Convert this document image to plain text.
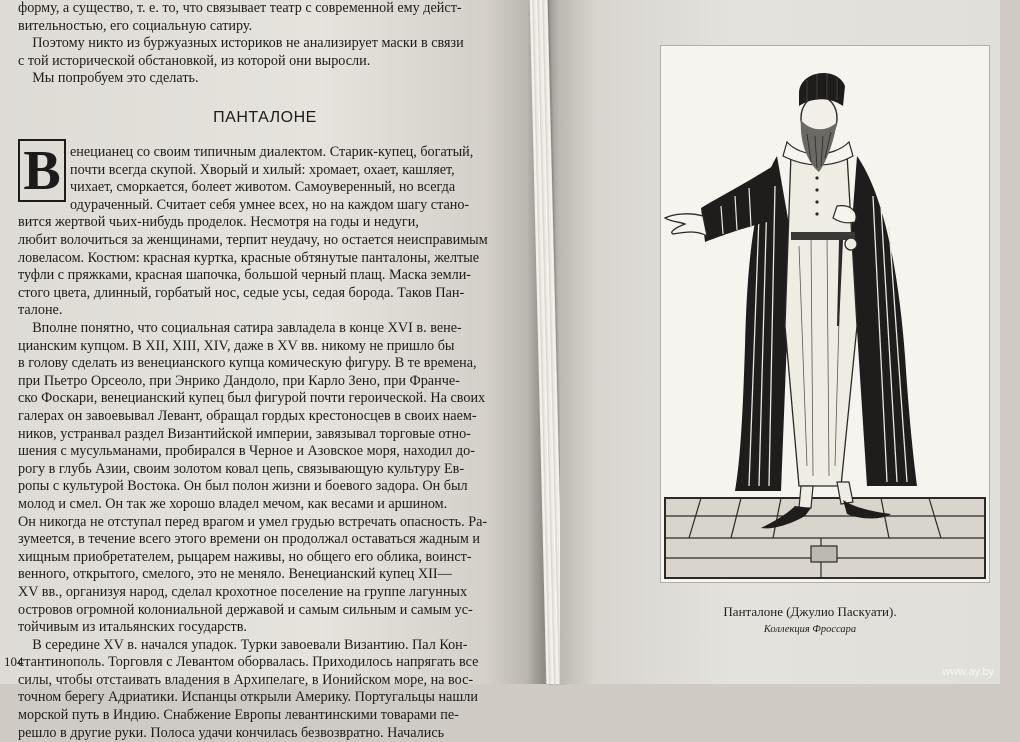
форму, а существо, т. е. то, что связывает театр с современной ему дейст-
вительностью, его социальную сатиру.
Поэтому никто из буржуазных историков не анализирует маски в связи
с той исторической обстановкой, из которой они выросли.
Мы попробуем это сделать.
ПАНТАЛОНЕ
В енецианец со своим типичным диалектом. Старик-купец, богатый,
почти всегда скупой. Хворый и хилый: хромает, охает, кашляет,
чихает, сморкается, болеет животом. Самоуверенный, но всегда
одураченный. Считает себя умнее всех, но на каждом шагу стано-
вится жертвой чьих-нибудь проделок. Несмотря на годы и недуги,
любит волочиться за женщинами, терпит неудачу, но остается неисправимым
ловеласом. Костюм: красная куртка, красные обтянутые панталоны, желтые
туфли с пряжками, красная шапочка, большой черный плащ. Маска земли-
стого цвета, длинный, горбатый нос, седые усы, седая борода. Таков Пан-
талоне.
Вполне понятно, что социальная сатира завладела в конце XVI в. вене-
цианским купцом. В XII, XIII, XIV, даже в XV вв. никому не пришло бы
в голову сделать из венецианского купца комическую фигуру. В те времена,
при Пьетро Орсеоло, при Энрико Дандоло, при Карло Зено, при Франче-
ско Фоскари, венецианский купец был фигурой почти героической. На своих
галерах он завоевывал Левант, обращал гордых крестоносцев в своих наем-
ников, устранвал раздел Византийской империи, завязывал торговые отно-
шения с мусульманами, пробирался в Черное и Азовское моря, находил до-
рогу в глубь Азии, своим золотом ковал цепь, связывающую культуру Ев-
ропы с культурой Востока. Он был полон жизни и боевого задора. Он был
молод и смел. Он так же хорошо владел мечом, как весами и аршином.
Он никогда не отступал перед врагом и умел грудью встречать опасность. Ра-
зумеется, в течение всего этого времени он продолжал оставаться жадным и
хищным приобретателем, рыцарем наживы, но общего его облика, воинст-
венного, открытого, смелого, это не меняло. Венецианский купец XII—
XV вв., организуя народ, сделал крохотное поселение на группе лагунных
островов огромной колониальной державой и самым сильным и самым ус-
тойчивым из итальянских государств.
В середине XV в. начался упадок. Турки завоевали Византию. Пал Кон-
стантинополь. Торговля с Левантом оборвалась. Приходилось напрягать все
силы, чтобы отстаивать владения в Архипелаге, в Ионийском море, на вос-
точном берегу Адриатики. Испанцы открыли Америку. Португальцы нашли
морской путь в Индию. Снабжение Европы левантинскими товарами пе-
решло в другие руки. Полоса удачи кончилась безвозвратно. Начались
104
Панталоне (Джулио Паскуати).
Коллекция Фроссара
www.ay.by
